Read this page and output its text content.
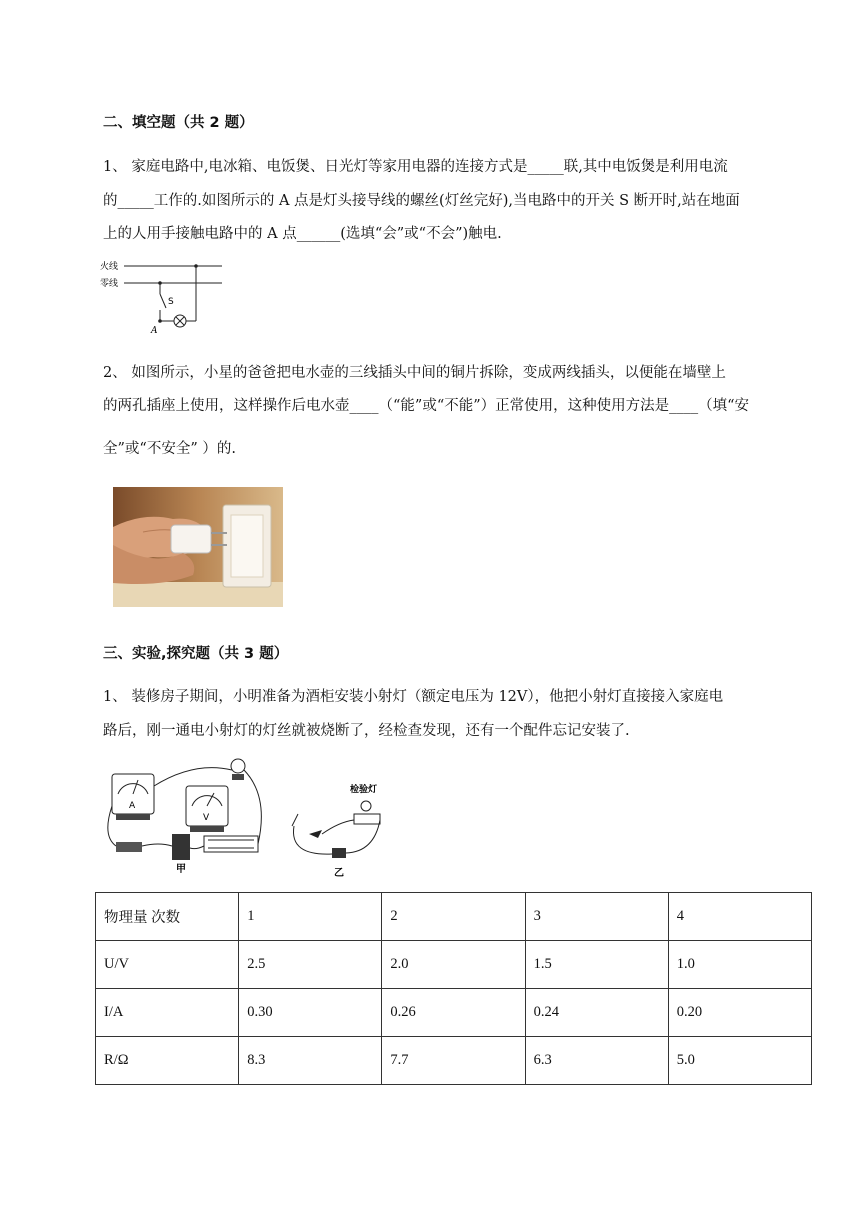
二、填空题（共 2 题）
1、 家庭电路中,电冰箱、电饭煲、日光灯等家用电器的连接方式是_____联,其中电饭煲是利用电流
的_____工作的.如图所示的 A 点是灯头接导线的螺丝(灯丝完好),当电路中的开关 S 断开时,站在地面
上的人用手接触电路中的 A 点______(选填“会”或“不会”)触电.
火线
零线
S
A
2、 如图所示，小星的爸爸把电水壶的三线插头中间的铜片拆除，变成两线插头，以便能在墙壁上
的两孔插座上使用，这样操作后电水壶____（“能”或“不能”）正常使用，这种使用方法是____（填“安
全”或“不安全” ）的.
三、实验,探究题（共 3 题）
1、 装修房子期间，小明准备为酒柜安装小射灯（额定电压为 12V），他把小射灯直接接入家庭电
路后，刚一通电小射灯的灯丝就被烧断了，经检查发现，还有一个配件忘记安装了.
A
V
甲
检验灯
乙
物理量 次数	1	2	3	4
U/V	2.5	2.0	1.5	1.0
I/A	0.30	0.26	0.24	0.20
R/Ω	8.3	7.7	6.3	5.0
